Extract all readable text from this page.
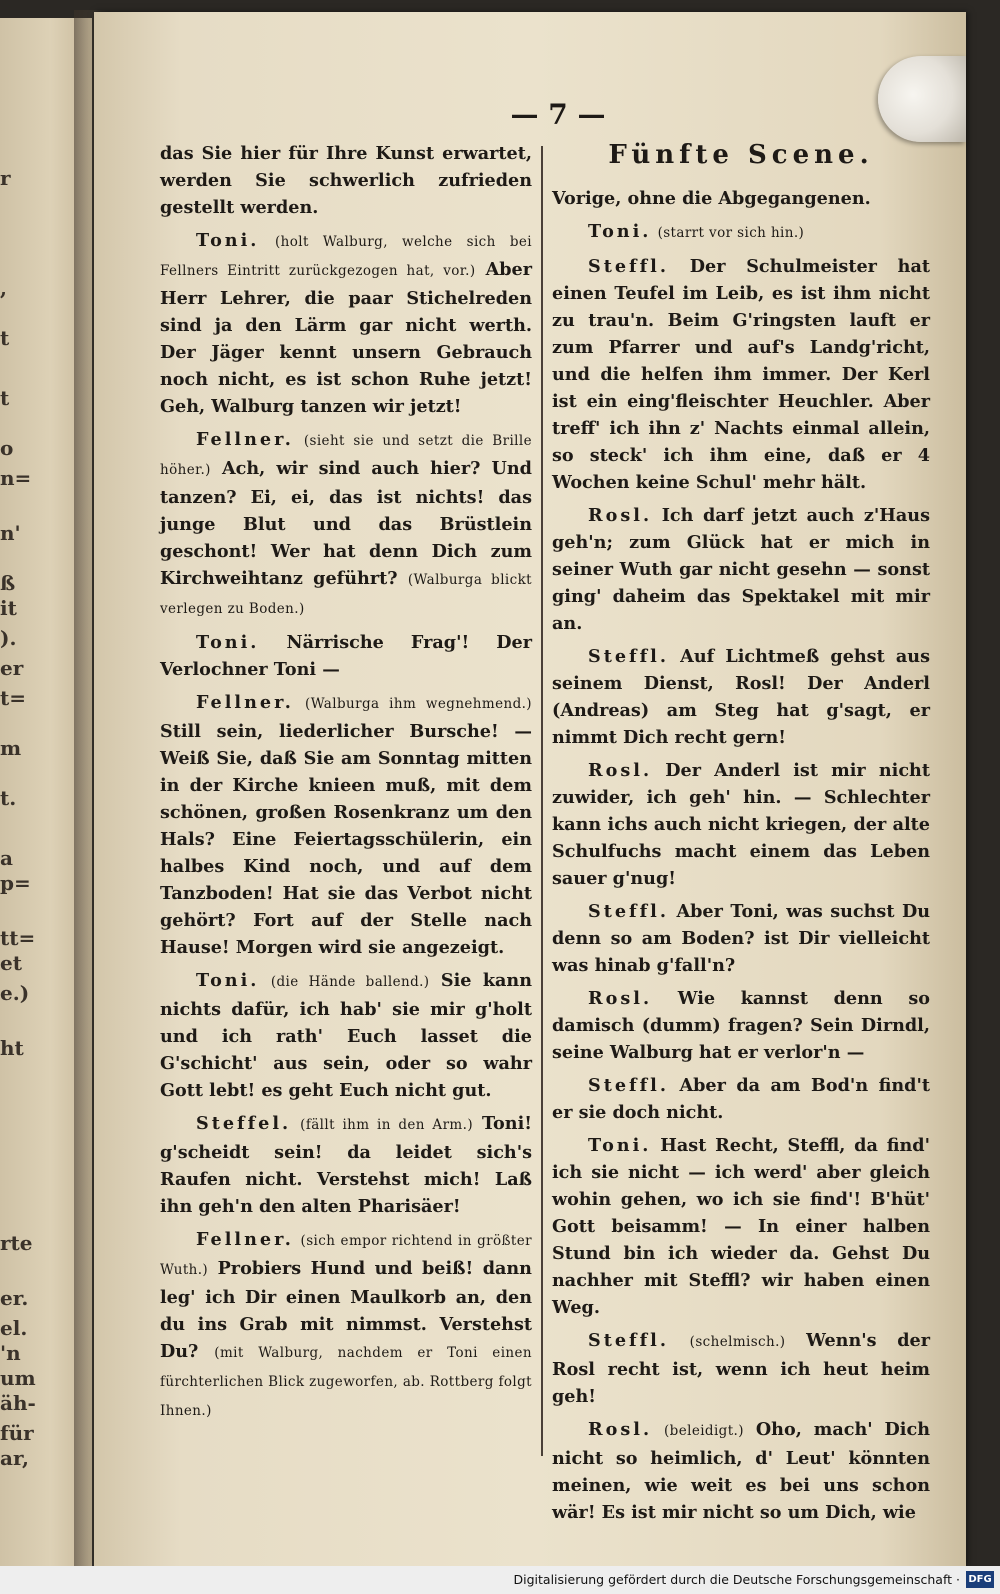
r
,
t
t
o
n=
n'
ß
it
).
er
t=
m
t.
a
p=
tt=
et
e.)
ht
rte
er.
el.
'n
um
äh-
für
ar,
— 7 —

das Sie hier für Ihre Kunst erwartet, werden Sie schwerlich zufrieden gestellt werden.

Toni. (holt Walburg, welche sich bei Fellners Eintritt zurückgezogen hat, vor.) Aber Herr Lehrer, die paar Stichelreden sind ja den Lärm gar nicht werth. Der Jäger kennt unsern Gebrauch noch nicht, es ist schon Ruhe jetzt! Geh, Walburg tanzen wir jetzt!

Fellner. (sieht sie und setzt die Brille höher.) Ach, wir sind auch hier? Und tanzen? Ei, ei, das ist nichts! das junge Blut und das Brüstlein geschont! Wer hat denn Dich zum Kirchweihtanz geführt? (Walburga blickt verlegen zu Boden.)

Toni. Närrische Frag'! Der Verlochner Toni —

Fellner. (Walburga ihm wegnehmend.) Still sein, liederlicher Bursche! — Weiß Sie, daß Sie am Sonntag mitten in der Kirche knieen muß, mit dem schönen, großen Rosenkranz um den Hals? Eine Feiertagsschülerin, ein halbes Kind noch, und auf dem Tanzboden! Hat sie das Verbot nicht gehört? Fort auf der Stelle nach Hause! Morgen wird sie angezeigt.

Toni. (die Hände ballend.) Sie kann nichts dafür, ich hab' sie mir g'holt und ich rath' Euch lasset die G'schicht' aus sein, oder so wahr Gott lebt! es geht Euch nicht gut.

Steffel. (fällt ihm in den Arm.) Toni! g'scheidt sein! da leidet sich's Raufen nicht. Verstehst mich! Laß ihn geh'n den alten Pharisäer!

Fellner. (sich empor richtend in größter Wuth.) Probiers Hund und beiß! dann leg' ich Dir einen Maulkorb an, den du ins Grab mit nimmst. Verstehst Du? (mit Walburg, nachdem er Toni einen fürchterlichen Blick zugeworfen, ab. Rottberg folgt Ihnen.)

Fünfte Scene.

Vorige, ohne die Abgegangenen.

Toni. (starrt vor sich hin.)

Steffl. Der Schulmeister hat einen Teufel im Leib, es ist ihm nicht zu trau'n. Beim G'ringsten lauft er zum Pfarrer und auf's Landg'richt, und die helfen ihm immer. Der Kerl ist ein eing'fleischter Heuchler. Aber treff' ich ihn z' Nachts einmal allein, so steck' ich ihm eine, daß er 4 Wochen keine Schul' mehr hält.

Rosl. Ich darf jetzt auch z'Haus geh'n; zum Glück hat er mich in seiner Wuth gar nicht gesehn — sonst ging' daheim das Spektakel mit mir an.

Steffl. Auf Lichtmeß gehst aus seinem Dienst, Rosl! Der Anderl (Andreas) am Steg hat g'sagt, er nimmt Dich recht gern!

Rosl. Der Anderl ist mir nicht zuwider, ich geh' hin. — Schlechter kann ichs auch nicht kriegen, der alte Schulfuchs macht einem das Leben sauer g'nug!

Steffl. Aber Toni, was suchst Du denn so am Boden? ist Dir vielleicht was hinab g'fall'n?

Rosl. Wie kannst denn so damisch (dumm) fragen? Sein Dirndl, seine Walburg hat er verlor'n —

Steffl. Aber da am Bod'n find't er sie doch nicht.

Toni. Hast Recht, Steffl, da find' ich sie nicht — ich werd' aber gleich wohin gehen, wo ich sie find'! B'hüt' Gott beisamm! — In einer halben Stund bin ich wieder da. Gehst Du nachher mit Steffl? wir haben einen Weg.

Steffl. (schelmisch.) Wenn's der Rosl recht ist, wenn ich heut heim geh!

Rosl. (beleidigt.) Oho, mach' Dich nicht so heimlich, d' Leut' könnten meinen, wie weit es bei uns schon wär! Es ist mir nicht so um Dich, wie

Digitalisierung gefördert durch die Deutsche Forschungsgemeinschaft · DFG
